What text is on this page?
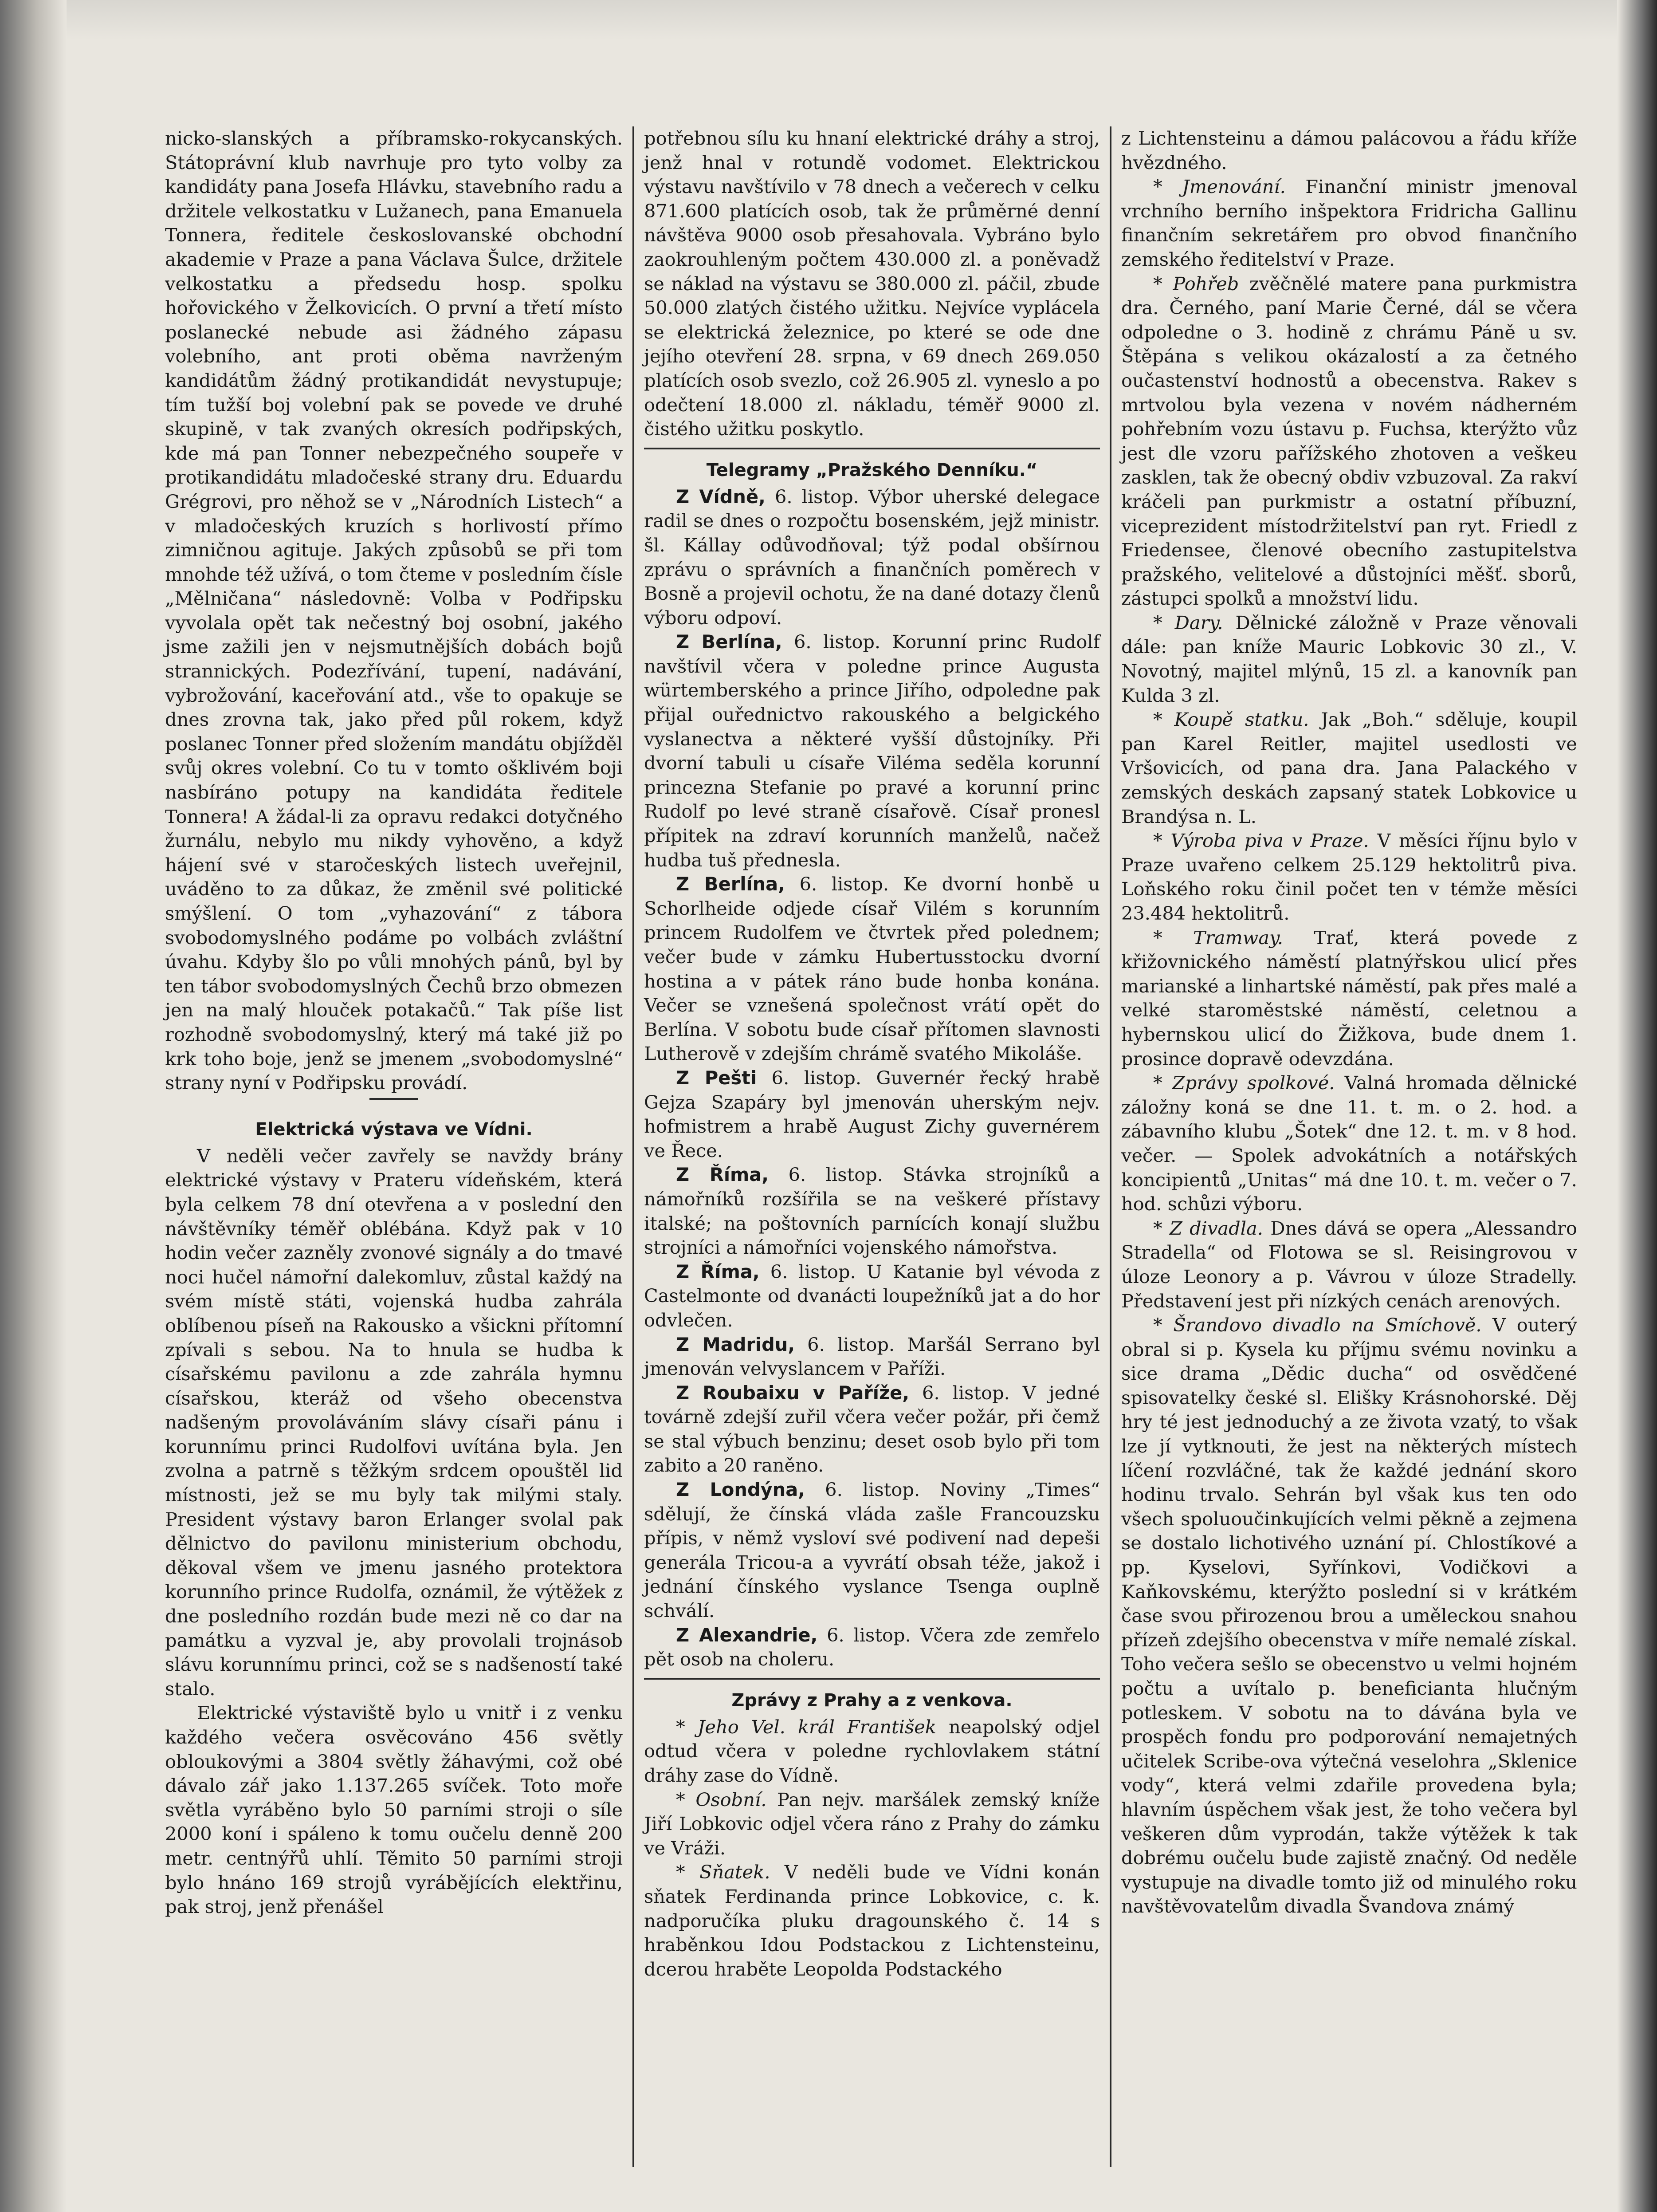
nicko-slanských a příbramsko-rokycanských. Státoprávní klub navrhuje pro tyto volby za kandidáty pana Josefa Hlávku, stavebního radu a držitele velkostatku v Lužanech, pana Emanuela Tonnera, ředitele českoslovanské obchodní akademie v Praze a pana Václava Šulce, držitele velkostatku a předsedu hosp. spolku hořovického v Želkovicích. O první a třetí místo poslanecké nebude asi žádného zápasu volebního, ant proti oběma navrženým kandidátům žádný protikandidát nevystupuje; tím tužší boj volební pak se povede ve druhé skupině, v tak zvaných okresích podřipských, kde má pan Tonner nebezpečného soupeře v protikandidátu mladočeské strany dru. Eduardu Grégrovi, pro něhož se v „Národních Listech“ a v mladočeských kruzích s horlivostí přímo zimničnou agituje. Jakých způsobů se při tom mnohde též užívá, o tom čteme v posledním čísle „Mělničana“ následovně: Volba v Podřipsku vyvolala opět tak nečestný boj osobní, jakého jsme zažili jen v nejsmutnějších dobách bojů strannických. Podezřívání, tupení, nadávání, vybrožování, kaceřování atd., vše to opakuje se dnes zrovna tak, jako před půl rokem, když poslanec Tonner před složením mandátu objížděl svůj okres volební. Co tu v tomto ošklivém boji nasbíráno potupy na kandidáta ředitele Tonnera! A žádal-li za opravu redakci dotyčného žurnálu, nebylo mu nikdy vyhověno, a když hájení své v staročeských listech uveřejnil, uváděno to za důkaz, že změnil své politické smýšlení. O tom „vyhazování“ z tábora svobodomyslného podáme po volbách zvláštní úvahu. Kdyby šlo po vůli mnohých pánů, byl by ten tábor svobodomyslných Čechů brzo obmezen jen na malý hlouček potakačů.“ Tak píše list rozhodně svobodomyslný, který má také již po krk toho boje, jenž se jmenem „svobodomyslné“ strany nyní v Podřipsku provádí.

Elektrická výstava ve Vídni.

V neděli večer zavřely se navždy brány elektrické výstavy v Prateru vídeňském, která byla celkem 78 dní otevřena a v poslední den návštěvníky téměř oblébána. Když pak v 10 hodin večer zazněly zvonové signály a do tmavé noci hučel námořní dalekomluv, zůstal každý na svém místě státi, vojenská hudba zahrála oblíbenou píseň na Rakousko a všickni přítomní zpívali s sebou. Na to hnula se hudba k císařskému pavilonu a zde zahrála hymnu císařskou, kteráž od všeho obecenstva nadšeným provoláváním slávy císaři pánu i korunnímu princi Rudolfovi uvítána byla. Jen zvolna a patrně s těžkým srdcem opouštěl lid místnosti, jež se mu byly tak milými staly. President výstavy baron Erlanger svolal pak dělnictvo do pavilonu ministerium obchodu, děkoval všem ve jmenu jasného protektora korunního prince Rudolfa, oznámil, že výtěžek z dne posledního rozdán bude mezi ně co dar na památku a vyzval je, aby provolali trojnásob slávu korunnímu princi, což se s nadšeností také stalo.

Elektrické výstaviště bylo u vnitř i z venku každého večera osvěcováno 456 světly obloukovými a 3804 světly žáhavými, což obé dávalo zář jako 1.137.265 svíček. Toto moře světla vyráběno bylo 50 parními stroji o síle 2000 koní i spáleno k tomu oučelu denně 200 metr. centnýřů uhlí. Těmito 50 parními stroji bylo hnáno 169 strojů vyrábějících elektřinu, pak stroj, jenž přenášel

potřebnou sílu ku hnaní elektrické dráhy a stroj, jenž hnal v rotundě vodomet. Elektrickou výstavu navštívilo v 78 dnech a večerech v celku 871.600 platících osob, tak že průměrné denní návštěva 9000 osob přesahovala. Vybráno bylo zaokrouhleným počtem 430.000 zl. a poněvadž se náklad na výstavu se 380.000 zl. páčil, zbude 50.000 zlatých čistého užitku. Nejvíce vyplácela se elektrická železnice, po které se ode dne jejího otevření 28. srpna, v 69 dnech 269.050 platících osob svezlo, což 26.905 zl. vyneslo a po odečtení 18.000 zl. nákladu, téměř 9000 zl. čistého užitku poskytlo.

Telegramy „Pražského Denníku.“

Z Vídně, 6. listop. Výbor uherské delegace radil se dnes o rozpočtu bosenském, jejž ministr. šl. Kállay odůvodňoval; týž podal obšírnou zprávu o správních a finančních poměrech v Bosně a projevil ochotu, že na dané dotazy členů výboru odpoví.

Z Berlína, 6. listop. Korunní princ Rudolf navštívil včera v poledne prince Augusta würtemberského a prince Jiřího, odpoledne pak přijal ouřednictvo rakouského a belgického vyslanectva a některé vyšší důstojníky. Při dvorní tabuli u císaře Viléma seděla korunní princezna Stefanie po pravé a korunní princ Rudolf po levé straně císařově. Císař pronesl přípitek na zdraví korunních manželů, načež hudba tuš přednesla.

Z Berlína, 6. listop. Ke dvorní honbě u Schorlheide odjede císař Vilém s korunním princem Rudolfem ve čtvrtek před polednem; večer bude v zámku Hubertusstocku dvorní hostina a v pátek ráno bude honba konána. Večer se vznešená společnost vrátí opět do Berlína. V sobotu bude císař přítomen slavnosti Lutherově v zdejším chrámě svatého Mikoláše.

Z Pešti 6. listop. Guvernér řecký hrabě Gejza Szapáry byl jmenován uherským nejv. hofmistrem a hrabě August Zichy guvernérem ve Řece.

Z Říma, 6. listop. Stávka strojníků a námořníků rozšířila se na veškeré přístavy italské; na poštovních parnících konají službu strojníci a námořníci vojenského námořstva.

Z Říma, 6. listop. U Katanie byl vévoda z Castelmonte od dvanácti loupežníků jat a do hor odvlečen.

Z Madridu, 6. listop. Maršál Serrano byl jmenován velvyslancem v Paříži.

Z Roubaixu v Paříže, 6. listop. V jedné továrně zdejší zuřil včera večer požár, při čemž se stal výbuch benzinu; deset osob bylo při tom zabito a 20 raněno.

Z Londýna, 6. listop. Noviny „Times“ sdělují, že čínská vláda zašle Francouzsku přípis, v němž vysloví své podivení nad depeši generála Tricou-a a vyvrátí obsah téže, jakož i jednání čínského vyslance Tsenga ouplně schválí.

Z Alexandrie, 6. listop. Včera zde zemřelo pět osob na choleru.

Zprávy z Prahy a z venkova.

* Jeho Vel. král František neapolský odjel odtud včera v poledne rychlovlakem státní dráhy zase do Vídně.

* Osobní. Pan nejv. maršálek zemský kníže Jiří Lobkovic odjel včera ráno z Prahy do zámku ve Vráži.

* Sňatek. V neděli bude ve Vídni konán sňatek Ferdinanda prince Lobkovice, c. k. nadporučíka pluku dragounského č. 14 s hraběnkou Idou Podstackou z Lichtensteinu, dcerou hraběte Leopolda Podstackého

z Lichtensteinu a dámou palácovou a řádu kříže hvězdného.

* Jmenování. Finanční ministr jmenoval vrchního berního inšpektora Fridricha Gallinu finančním sekretářem pro obvod finančního zemského ředitelství v Praze.

* Pohřeb zvěčnělé matere pana purkmistra dra. Černého, paní Marie Černé, dál se včera odpoledne o 3. hodině z chrámu Páně u sv. Štěpána s velikou okázalostí a za četného oučastenství hodnostů a obecenstva. Rakev s mrtvolou byla vezena v novém nádherném pohřebním vozu ústavu p. Fuchsa, kterýžto vůz jest dle vzoru pařížského zhotoven a veškeu zasklen, tak že obecný obdiv vzbuzoval. Za rakví kráčeli pan purkmistr a ostatní příbuzní, viceprezident místodržitelství pan ryt. Friedl z Friedensee, členové obecního zastupitelstva pražského, velitelové a důstojníci měšť. sborů, zástupci spolků a množství lidu.

* Dary. Dělnické záložně v Praze věnovali dále: pan kníže Mauric Lobkovic 30 zl., V. Novotný, majitel mlýnů, 15 zl. a kanovník pan Kulda 3 zl.

* Koupě statku. Jak „Boh.“ sděluje, koupil pan Karel Reitler, majitel usedlosti ve Vršovicích, od pana dra. Jana Palackého v zemských deskách zapsaný statek Lobkovice u Brandýsa n. L.

* Výroba piva v Praze. V měsíci říjnu bylo v Praze uvařeno celkem 25.129 hektolitrů piva. Loňského roku činil počet ten v témže měsíci 23.484 hektolitrů.

* Tramway. Trať, která povede z křižovnického náměstí platnýřskou ulicí přes marianské a linhartské náměstí, pak přes malé a velké staroměstské náměstí, celetnou a hybernskou ulicí do Žižkova, bude dnem 1. prosince dopravě odevzdána.

* Zprávy spolkové. Valná hromada dělnické záložny koná se dne 11. t. m. o 2. hod. a zábavního klubu „Šotek“ dne 12. t. m. v 8 hod. večer. — Spolek advokátních a notářských koncipientů „Unitas“ má dne 10. t. m. večer o 7. hod. schůzi výboru.

* Z divadla. Dnes dává se opera „Alessandro Stradella“ od Flotowa se sl. Reisingrovou v úloze Leonory a p. Vávrou v úloze Stradelly. Představení jest při nízkých cenách arenových.

* Šrandovo divadlo na Smíchově. V outerý obral si p. Kysela ku příjmu svému novinku a sice drama „Dědic ducha“ od osvědčené spisovatelky české sl. Elišky Krásnohorské. Děj hry té jest jednoduchý a ze života vzatý, to však lze jí vytknouti, že jest na některých místech líčení rozvláčné, tak že každé jednání skoro hodinu trvalo. Sehrán byl však kus ten odo všech spoluoučinkujících velmi pěkně a zejmena se dostalo lichotivého uznání pí. Chlostíkové a pp. Kyselovi, Syřínkovi, Vodičkovi a Kaňkovskému, kterýžto poslední si v krátkém čase svou přirozenou brou a uměleckou snahou přízeň zdejšího obecenstva v míře nemalé získal. Toho večera sešlo se obecenstvo u velmi hojném počtu a uvítalo p. beneficianta hlučným potleskem. V sobotu na to dávána byla ve prospěch fondu pro podporování nemajetných učitelek Scribe-ova výtečná veselohra „Sklenice vody“, která velmi zdařile provedena byla; hlavním úspěchem však jest, že toho večera byl veškeren dům vyprodán, takže výtěžek k tak dobrému oučelu bude zajistě značný. Od neděle vystupuje na divadle tomto již od minulého roku navštěvovatelům divadla Švandova známý
